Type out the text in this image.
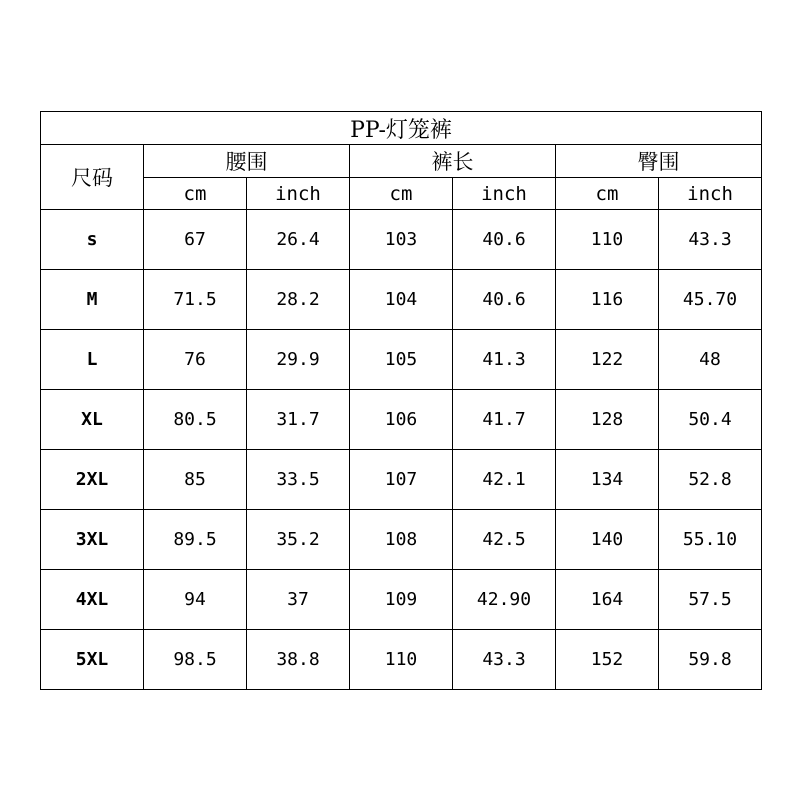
PP-灯笼裤						
尺码	腰围		裤长		臀围	
	cm	inch	cm	inch	cm	inch
s	67	26.4	103	40.6	110	43.3
M	71.5	28.2	104	40.6	116	45.70
L	76	29.9	105	41.3	122	48
XL	80.5	31.7	106	41.7	128	50.4
2XL	85	33.5	107	42.1	134	52.8
3XL	89.5	35.2	108	42.5	140	55.10
4XL	94	37	109	42.90	164	57.5
5XL	98.5	38.8	110	43.3	152	59.8
